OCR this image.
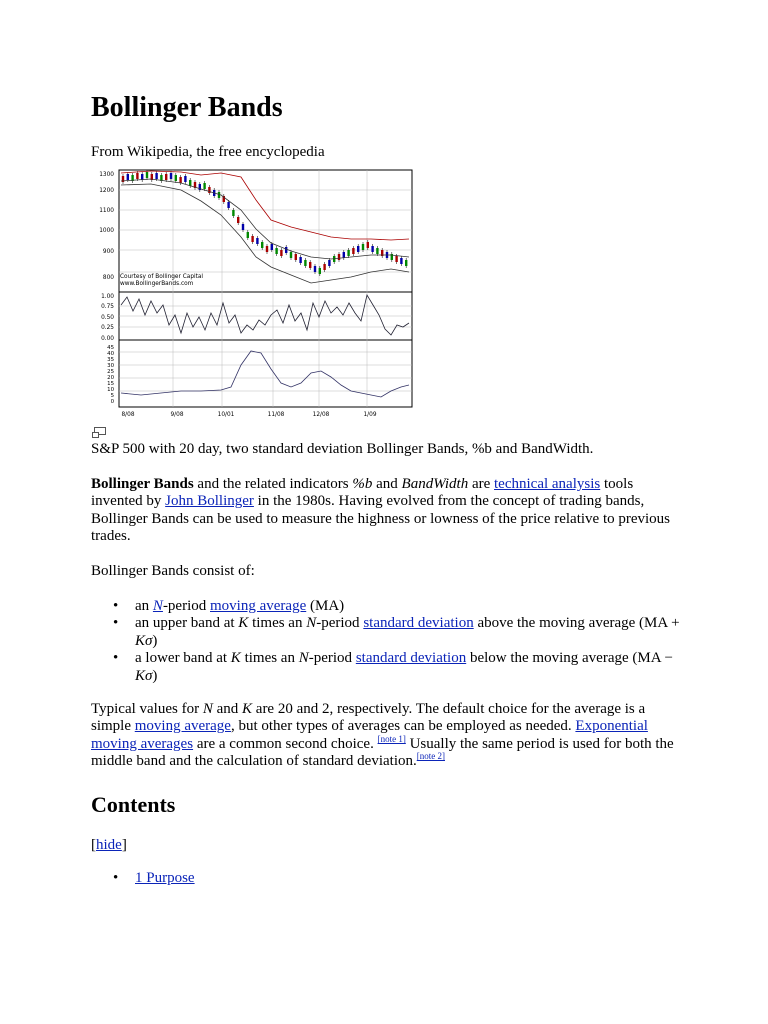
Bollinger Bands
From Wikipedia, the free encyclopedia
Courtesy of Bollinger Capital
www.BollingerBands.com
1300
1200
1100
1000
900
800
1.00
0.75
0.50
0.25
0.00
45
40
35
30
25
20
15
10
5
0
8/08	9/08	10/01	11/08	12/08	1/09

S&P 500 with 20 day, two standard deviation Bollinger Bands, %b and BandWidth.

Bollinger Bands and the related indicators %b and BandWidth are technical analysis tools invented by John Bollinger in the 1980s. Having evolved from the concept of trading bands, Bollinger Bands can be used to measure the highness or lowness of the price relative to previous trades.

Bollinger Bands consist of:

• an N-period moving average (MA)
• an upper band at K times an N-period standard deviation above the moving average (MA + Kσ)
• a lower band at K times an N-period standard deviation below the moving average (MA − Kσ)

Typical values for N and K are 20 and 2, respectively. The default choice for the average is a simple moving average, but other types of averages can be employed as needed. Exponential moving averages are a common second choice. [note 1] Usually the same period is used for both the middle band and the calculation of standard deviation.[note 2]

Contents
[hide]
• 1 Purpose
